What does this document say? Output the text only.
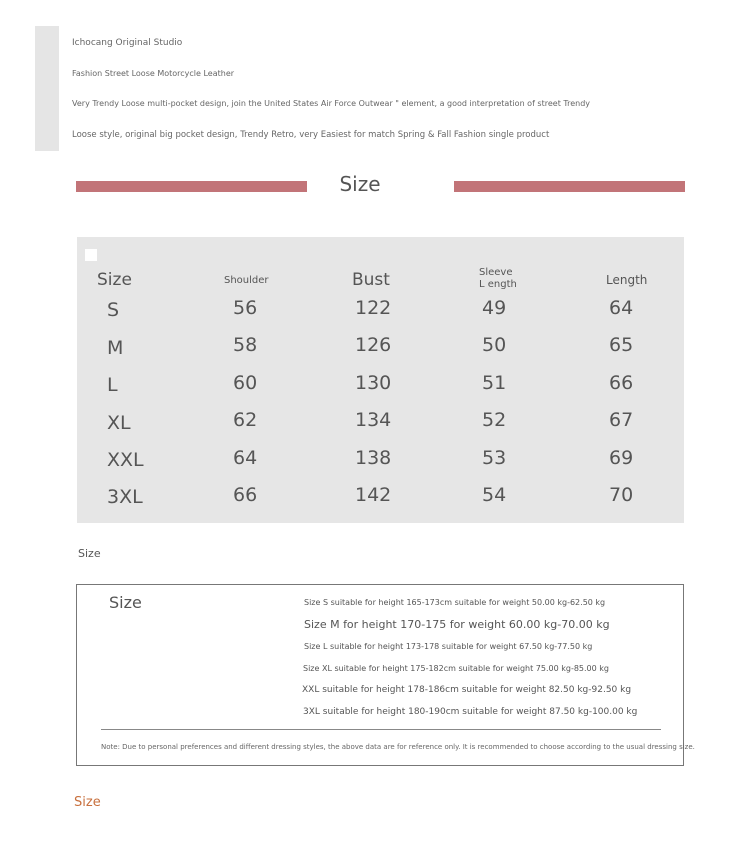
Ichocang Original Studio
Fashion Street Loose Motorcycle Leather
Very Trendy Loose multi-pocket design, join the United States Air Force Outwear " element, a good interpretation of street Trendy
Loose style, original big pocket design, Trendy Retro, very Easiest for match Spring & Fall Fashion single product
Size
Size	Shoulder	Bust	Sleeve L ength	Length
S	56	122	49	64
M	58	126	50	65
L	60	130	51	66
XL	62	134	52	67
XXL	64	138	53	69
3XL	66	142	54	70
Size
Size	Size S suitable for height 165-173cm suitable for weight 50.00 kg-62.50 kg
Size M for height 170-175 for weight 60.00 kg-70.00 kg
Size L suitable for height 173-178 suitable for weight 67.50 kg-77.50 kg
Size XL suitable for height 175-182cm suitable for weight 75.00 kg-85.00 kg
XXL suitable for height 178-186cm suitable for weight 82.50 kg-92.50 kg
3XL suitable for height 180-190cm suitable for weight 87.50 kg-100.00 kg
Note: Due to personal preferences and different dressing styles, the above data are for reference only. It is recommended to choose according to the usual dressing size.
Size
